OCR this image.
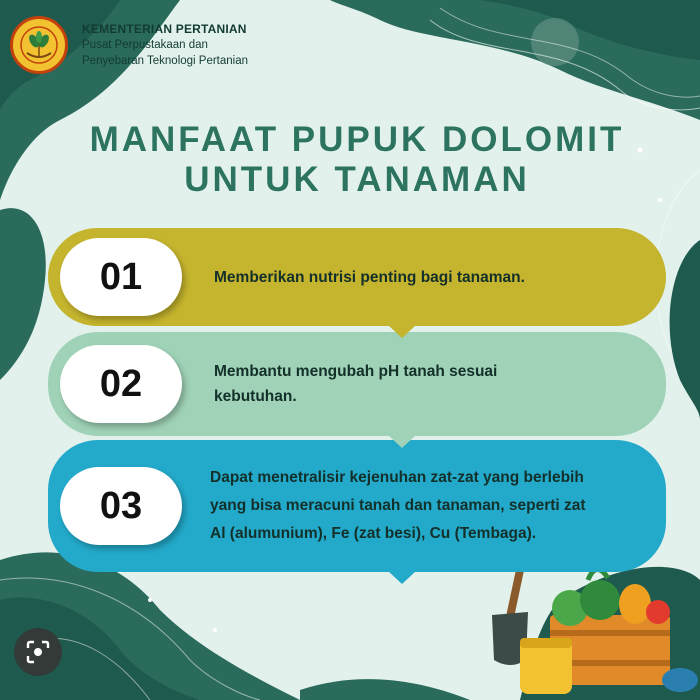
KEMENTERIAN PERTANIAN
Pusat Perpustakaan dan
Penyebaran Teknologi Pertanian
MANFAAT PUPUK DOLOMIT
UNTUK TANAMAN
01	Memberikan nutrisi penting bagi tanaman.
02	Membantu mengubah pH tanah sesuai kebutuhan.
03
Dapat menetralisir kejenuhan zat-zat yang berlebih yang bisa meracuni tanah dan tanaman, seperti zat Al (alumunium), Fe (zat besi), Cu (Tembaga).
